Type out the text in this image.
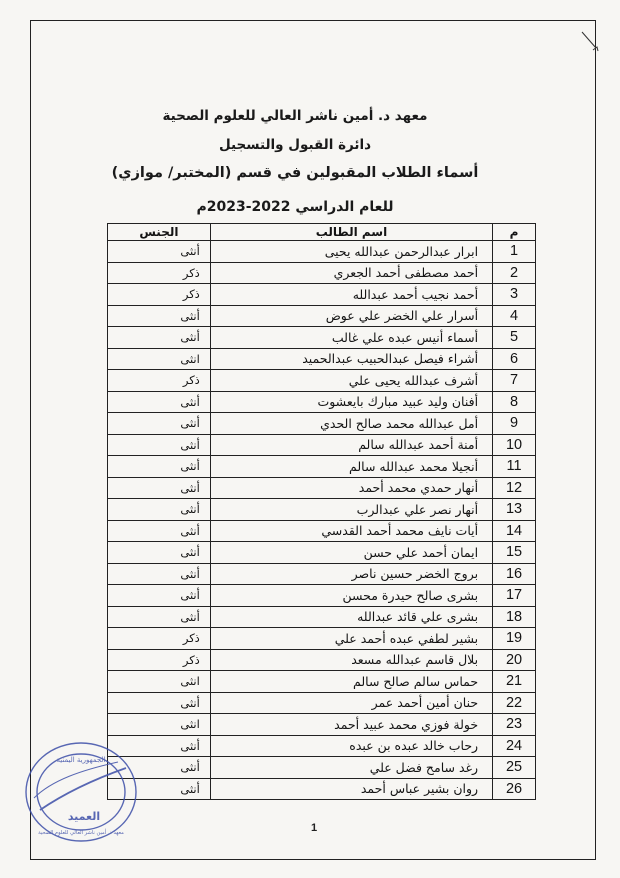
معهد د. أمين ناشر العالي للعلوم الصحية
دائرة القبول والتسجيل
أسماء الطلاب المقبولين في قسم (المختبر/ موازي)
للعام الدراسي 2022-2023م
م	اسم الطالب	الجنس
1	ابرار عبدالرحمن عبدالله يحيى	أنثى
2	أحمد مصطفى أحمد الجعري	ذكر
3	أحمد نجيب أحمد عبدالله	ذكر
4	أسرار علي الخضر علي عوض	أنثى
5	أسماء أنيس عبده علي غالب	أنثى
6	أشراء فيصل عبدالحبيب عبدالحميد	انثى
7	أشرف عبدالله يحيى علي	ذكر
8	أفنان وليد عبيد مبارك بايعشوت	أنثى
9	أمل عبدالله محمد صالح الحدي	أنثى
10	أمنة أحمد عبدالله سالم	أنثى
11	أنجيلا محمد عبدالله سالم	أنثى
12	أنهار حمدي محمد أحمد	أنثى
13	أنهار نصر علي عبدالرب	أنثى
14	أيات نايف محمد أحمد القدسي	أنثى
15	ايمان أحمد علي حسن	أنثى
16	بروج الخضر حسين ناصر	أنثى
17	بشرى صالح حيدرة محسن	أنثى
18	بشرى علي قائد عبدالله	أنثى
19	بشير لطفي عبده أحمد علي	ذكر
20	بلال قاسم عبدالله مسعد	ذكر
21	حماس سالم صالح سالم	انثى
22	حنان أمين أحمد عمر	أنثى
23	خولة فوزي محمد عبيد أحمد	انثى
24	رحاب خالد عبده بن عبده	أنثى
25	رغد سامح فضل علي	أنثى
26	روان بشير عباس أحمد	أنثى
1
الجمهورية اليمنية
العميد
معهد د. أمين ناشر العالي للعلوم الصحية
